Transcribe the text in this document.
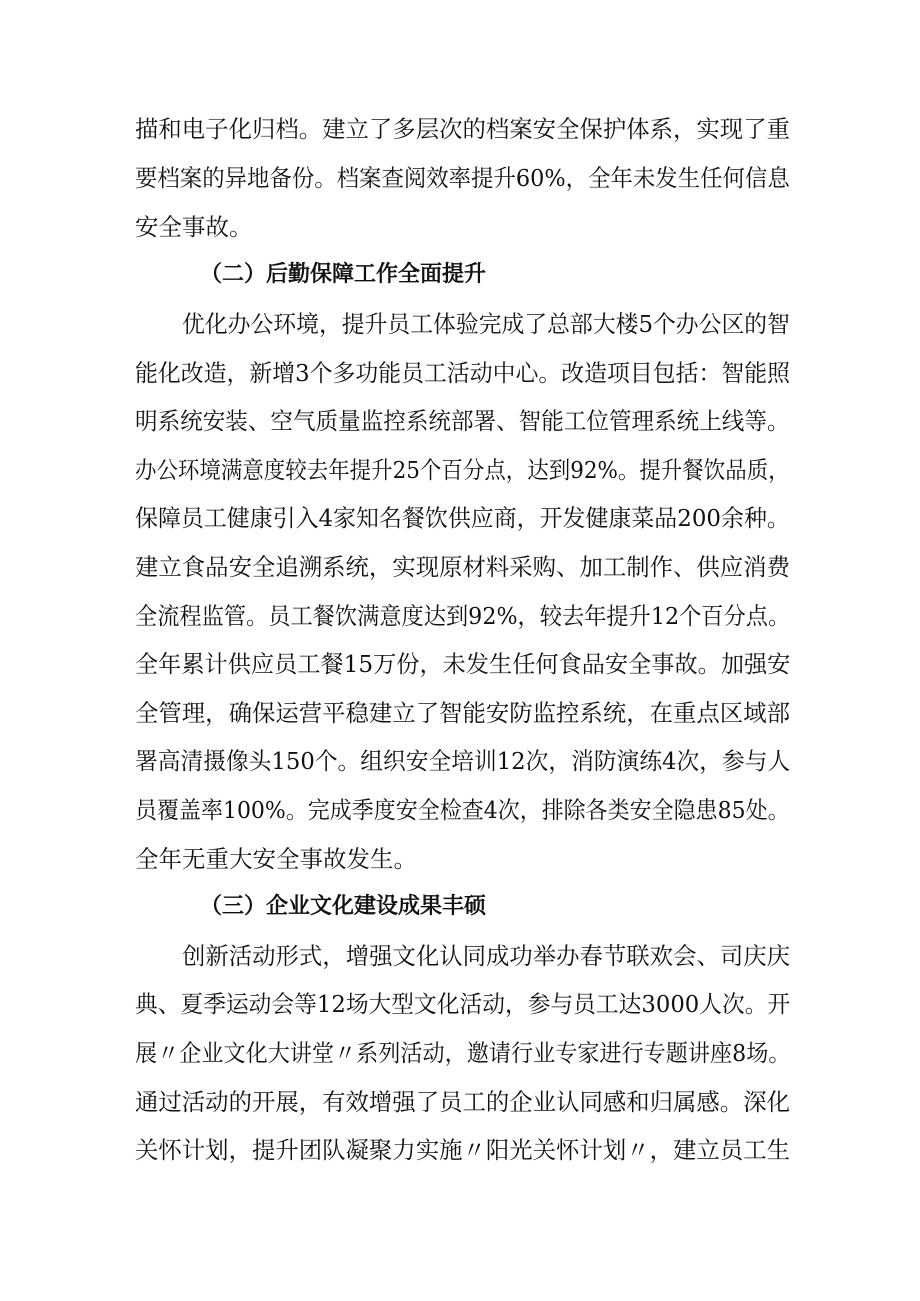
描和电子化归档。建立了多层次的档案安全保护体系，实现了重
要档案的异地备份。档案查阅效率提升60%，全年未发生任何信息
安全事故。
（二）后勤保障工作全面提升
优化办公环境，提升员工体验完成了总部大楼5个办公区的智
能化改造，新增3个多功能员工活动中心。改造项目包括：智能照
明系统安装、空气质量监控系统部署、智能工位管理系统上线等。
办公环境满意度较去年提升25个百分点，达到92%。提升餐饮品质，
保障员工健康引入4家知名餐饮供应商，开发健康菜品200余种。
建立食品安全追溯系统，实现原材料采购、加工制作、供应消费
全流程监管。员工餐饮满意度达到92%，较去年提升12个百分点。
全年累计供应员工餐15万份，未发生任何食品安全事故。加强安
全管理，确保运营平稳建立了智能安防监控系统，在重点区域部
署高清摄像头150个。组织安全培训12次，消防演练4次，参与人
员覆盖率100%。完成季度安全检查4次，排除各类安全隐患85处。
全年无重大安全事故发生。
（三）企业文化建设成果丰硕
创新活动形式，增强文化认同成功举办春节联欢会、司庆庆
典、夏季运动会等12场大型文化活动，参与员工达3000人次。开
展〃企业文化大讲堂〃系列活动，邀请行业专家进行专题讲座8场。
通过活动的开展，有效增强了员工的企业认同感和归属感。深化
关怀计划，提升团队凝聚力实施〃阳光关怀计划〃，建立员工生
